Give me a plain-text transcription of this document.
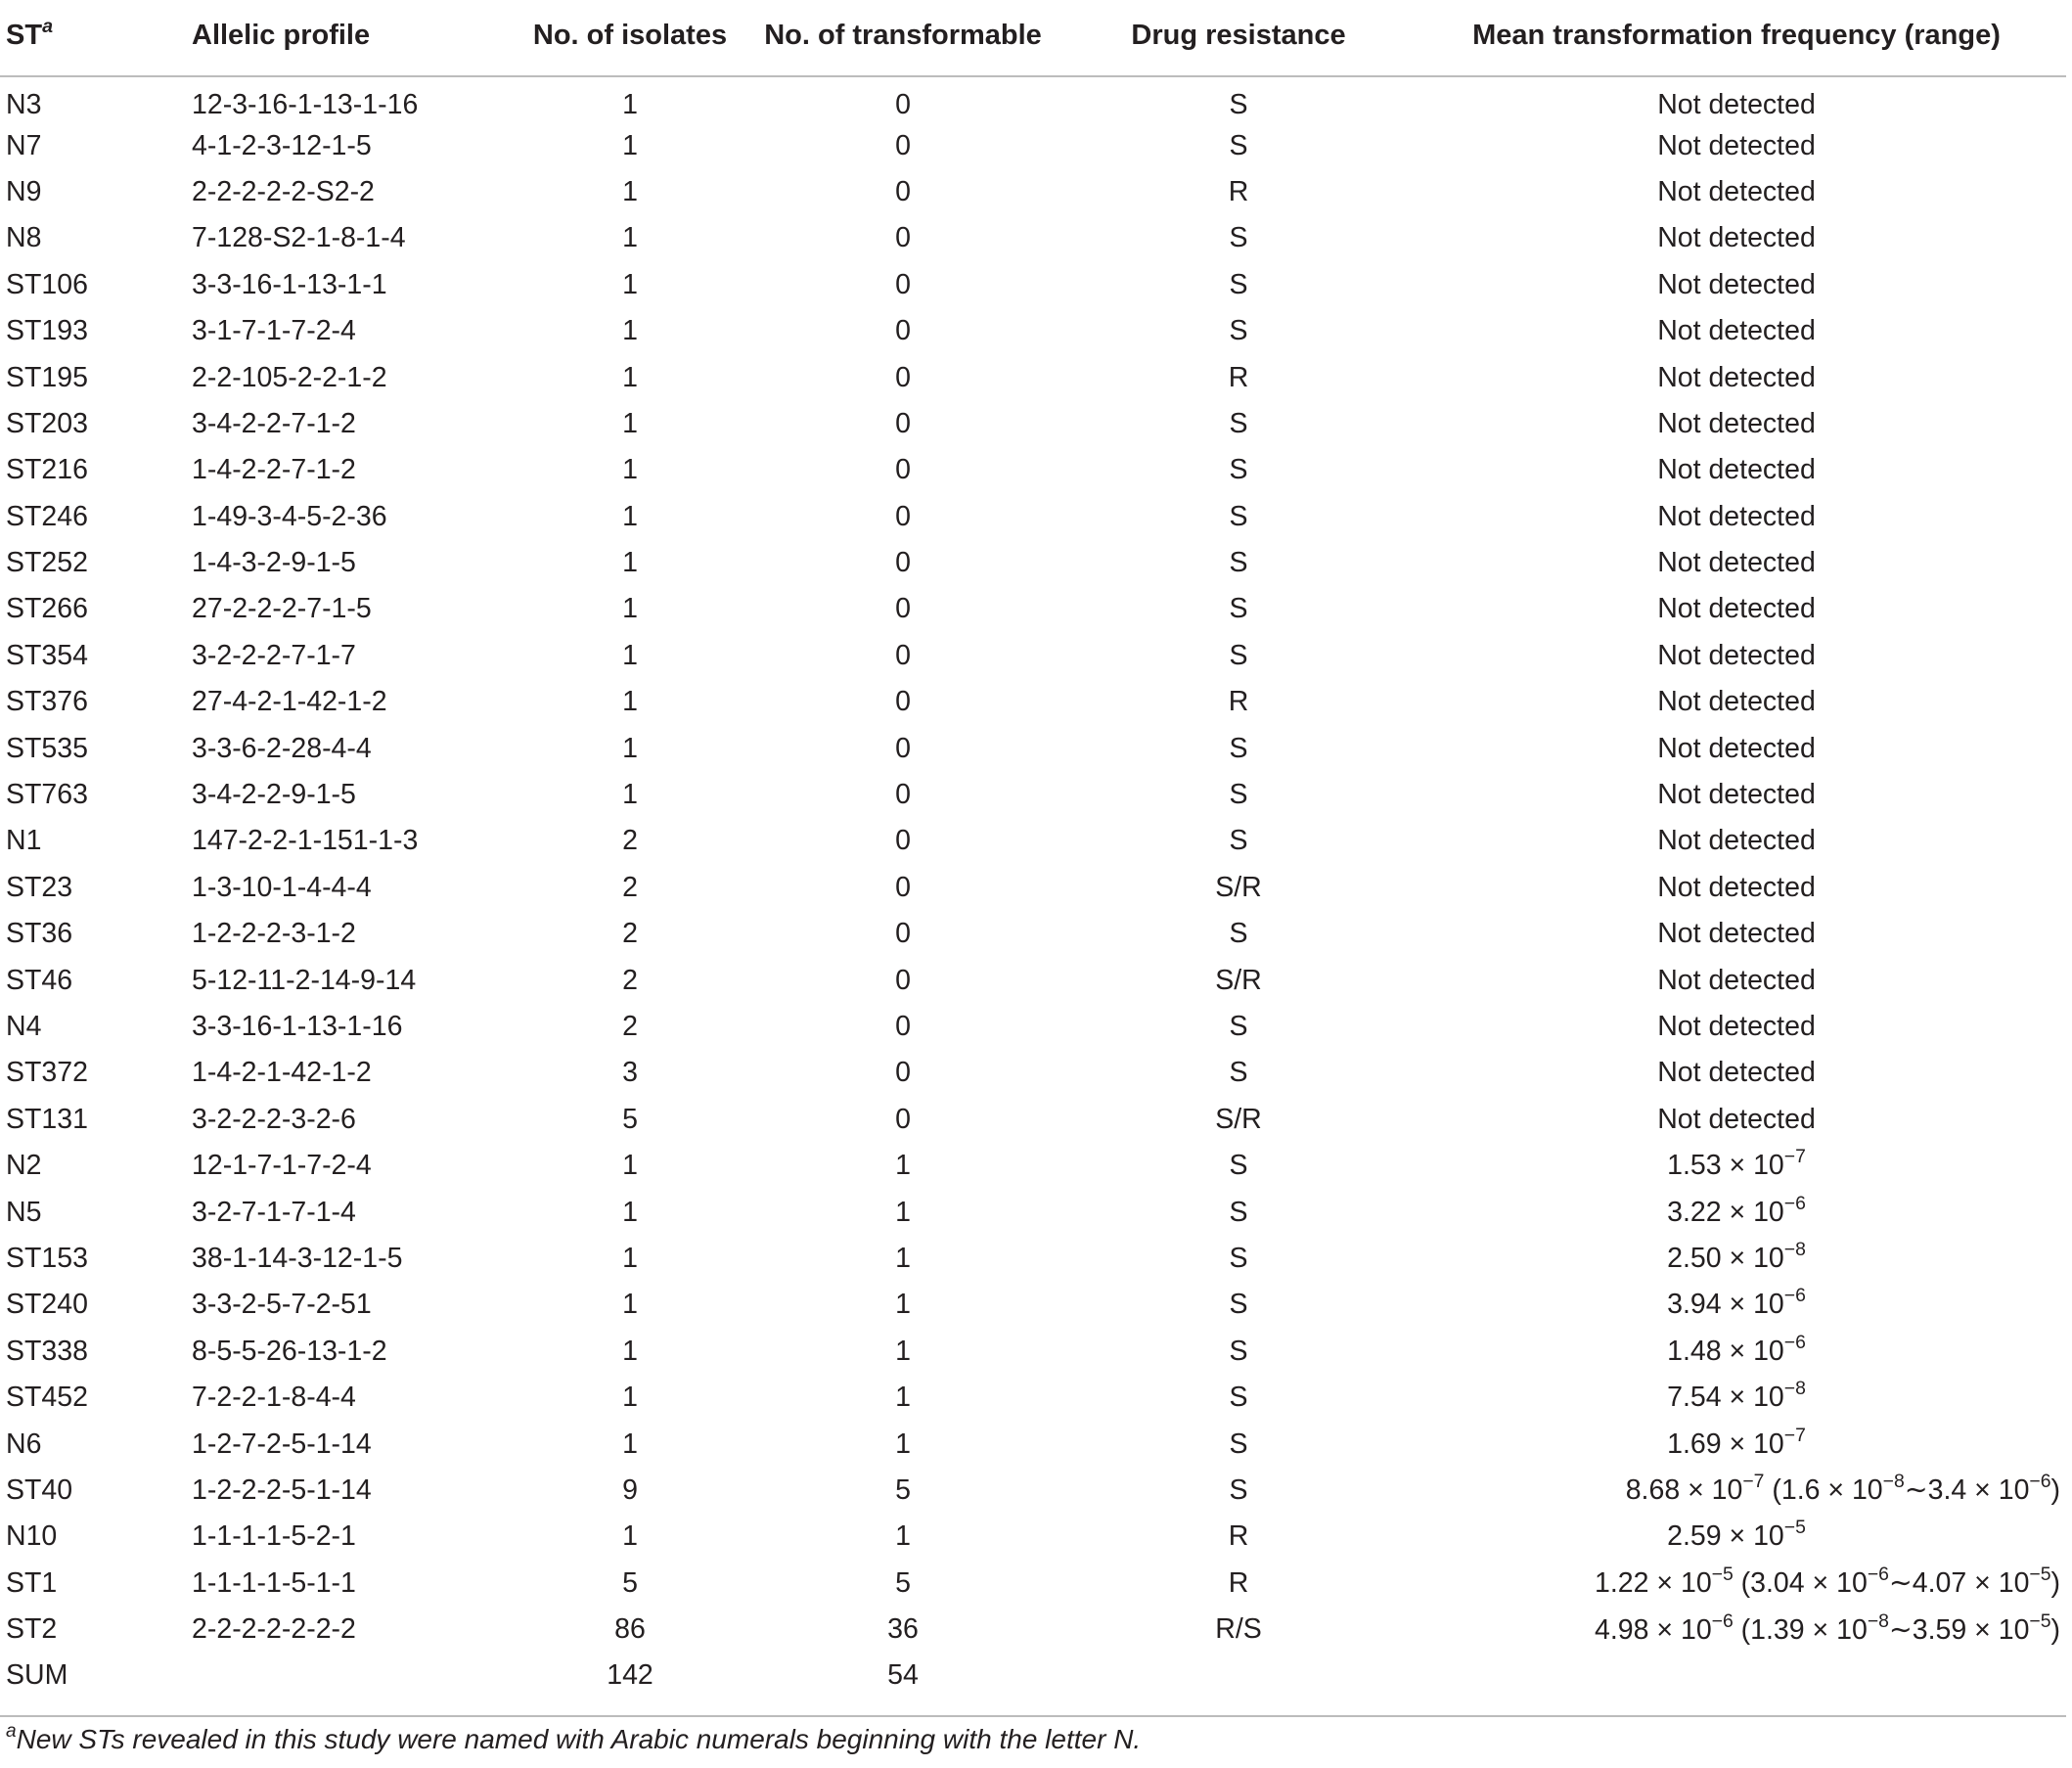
ST$^a$	Allelic profile	No. of isolates	No. of transformable	Drug resistance	Mean transformation frequency (range)
N3	12-3-16-1-13-1-16	1	0	S	Not detected
N7	4-1-2-3-12-1-5	1	0	S	Not detected
N9	2-2-2-2-2-S2-2	1	0	R	Not detected
N8	7-128-S2-1-8-1-4	1	0	S	Not detected
ST106	3-3-16-1-13-1-1	1	0	S	Not detected
ST193	3-1-7-1-7-2-4	1	0	S	Not detected
ST195	2-2-105-2-2-1-2	1	0	R	Not detected
ST203	3-4-2-2-7-1-2	1	0	S	Not detected
ST216	1-4-2-2-7-1-2	1	0	S	Not detected
ST246	1-49-3-4-5-2-36	1	0	S	Not detected
ST252	1-4-3-2-9-1-5	1	0	S	Not detected
ST266	27-2-2-2-7-1-5	1	0	S	Not detected
ST354	3-2-2-2-7-1-7	1	0	S	Not detected
ST376	27-4-2-1-42-1-2	1	0	R	Not detected
ST535	3-3-6-2-28-4-4	1	0	S	Not detected
ST763	3-4-2-2-9-1-5	1	0	S	Not detected
N1	147-2-2-1-151-1-3	2	0	S	Not detected
ST23	1-3-10-1-4-4-4	2	0	S/R	Not detected
ST36	1-2-2-2-3-1-2	2	0	S	Not detected
ST46	5-12-11-2-14-9-14	2	0	S/R	Not detected
N4	3-3-16-1-13-1-16	2	0	S	Not detected
ST372	1-4-2-1-42-1-2	3	0	S	Not detected
ST131	3-2-2-2-3-2-6	5	0	S/R	Not detected
N2	12-1-7-1-7-2-4	1	1	S	$1.53 \times 10^{-7}$
N5	3-2-7-1-7-1-4	1	1	S	$3.22 \times 10^{-6}$
ST153	38-1-14-3-12-1-5	1	1	S	$2.50 \times 10^{-8}$
ST240	3-3-2-5-7-2-51	1	1	S	$3.94 \times 10^{-6}$
ST338	8-5-5-26-13-1-2	1	1	S	$1.48 \times 10^{-6}$
ST452	7-2-2-1-8-4-4	1	1	S	$7.54 \times 10^{-8}$
N6	1-2-7-2-5-1-14	1	1	S	$1.69 \times 10^{-7}$
ST40	1-2-2-2-5-1-14	9	5	S	$8.68 \times 10^{-7}$ $(1.6 \times 10^{-8}\sim 3.4 \times 10^{-6})$
N10	1-1-1-1-5-2-1	1	1	R	$2.59 \times 10^{-5}$
ST1	1-1-1-1-5-1-1	5	5	R	$1.22 \times 10^{-5}$ $(3.04 \times 10^{-6}\sim 4.07 \times 10^{-5})$
ST2	2-2-2-2-2-2-2	86	36	R/S	$4.98 \times 10^{-6}$ $(1.39 \times 10^{-8}\sim 3.59 \times 10^{-5})$
SUM		142	54		
$^a$New STs revealed in this study were named with Arabic numerals beginning with the letter N.
